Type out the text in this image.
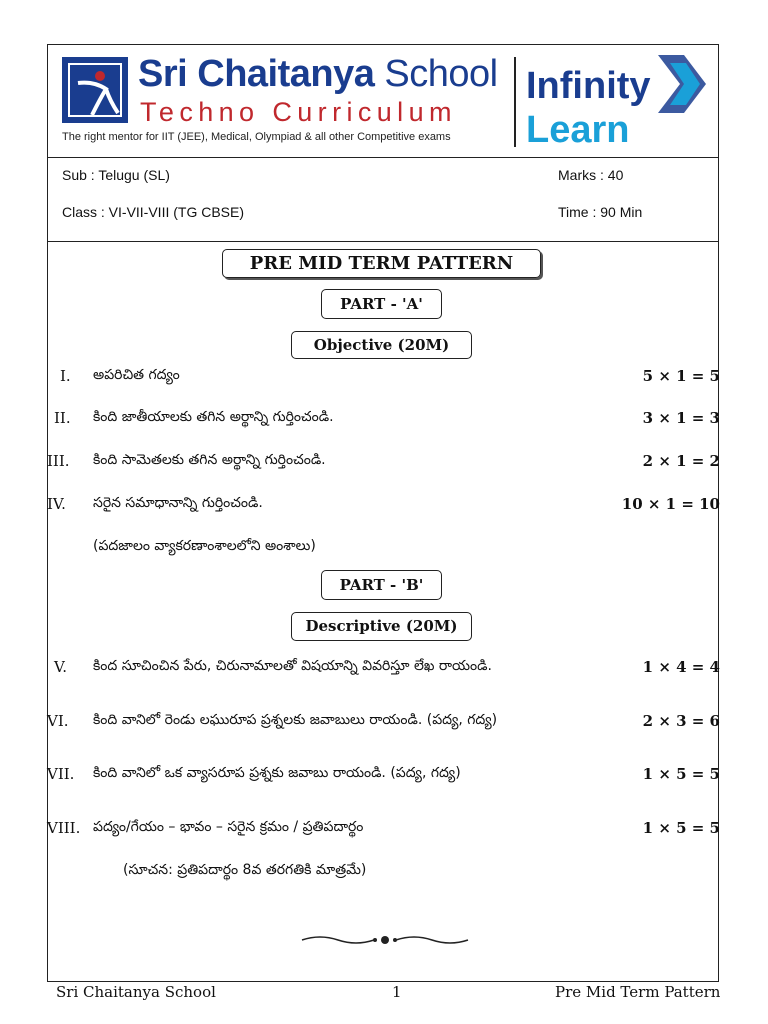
Sri Chaitanya School
Techno Curriculum
The right mentor for IIT (JEE), Medical, Olympiad & all other Competitive exams
Infinity
Learn
Sub : Telugu (SL)	Marks : 40
Class : VI-VII-VIII (TG CBSE)	Time : 90 Min
PRE MID TERM PATTERN
PART - 'A'
Objective (20M)
I. అపరిచిత గద్యం	5 × 1 = 5
II. కింది జాతీయాలకు తగిన అర్థాన్ని గుర్తించండి.	3 × 1 = 3
III. కింది సామెతలకు తగిన అర్థాన్ని గుర్తించండి.	2 × 1 = 2
IV. సరైన సమాధానాన్ని గుర్తించండి.	10 × 1 = 10
(పదజాలం వ్యాకరణాంశాలలోని అంశాలు)
PART - 'B'
Descriptive (20M)
V. కింద సూచించిన పేరు, చిరునామాలతో విషయాన్ని వివరిస్తూ లేఖ రాయండి.	1 × 4 = 4
VI. కింది వానిలో రెండు లఘురూప ప్రశ్నలకు జవాబులు రాయండి. (పద్య, గద్య)	2 × 3 = 6
VII. కింది వానిలో ఒక వ్యాసరూప ప్రశ్నకు జవాబు రాయండి. (పద్య, గద్య)	1 × 5 = 5
VIII. పద్యం/గేయం – భావం – సరైన క్రమం / ప్రతిపదార్థం	1 × 5 = 5
(సూచన: ప్రతిపదార్థం 8వ తరగతికి మాత్రమే)
Sri Chaitanya School	1	Pre Mid Term Pattern
